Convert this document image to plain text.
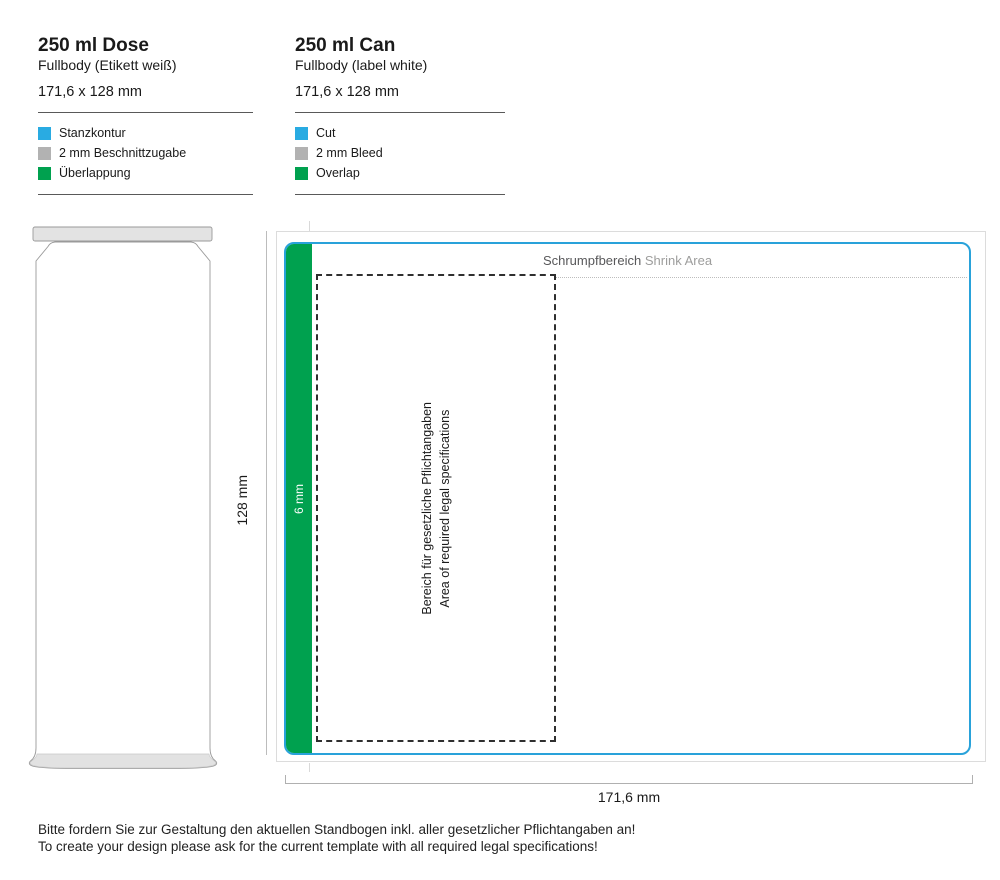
250 ml Dose
Fullbody (Etikett weiß)
171,6 x 128 mm
Stanzkontur
2 mm Beschnittzugabe
Überlappung
250 ml Can
Fullbody (label white)
171,6 x 128 mm
Cut
2 mm Bleed
Overlap
6 mm
Schrumpfbereich Shrink Area
Bereich für gesetzliche Pflichtangaben Area of required legal specifications
128 mm
171,6 mm
Bitte fordern Sie zur Gestaltung den aktuellen Standbogen inkl. aller gesetzlicher Pflichtangaben an!
To create your design please ask for the current template with all required legal specifications!
